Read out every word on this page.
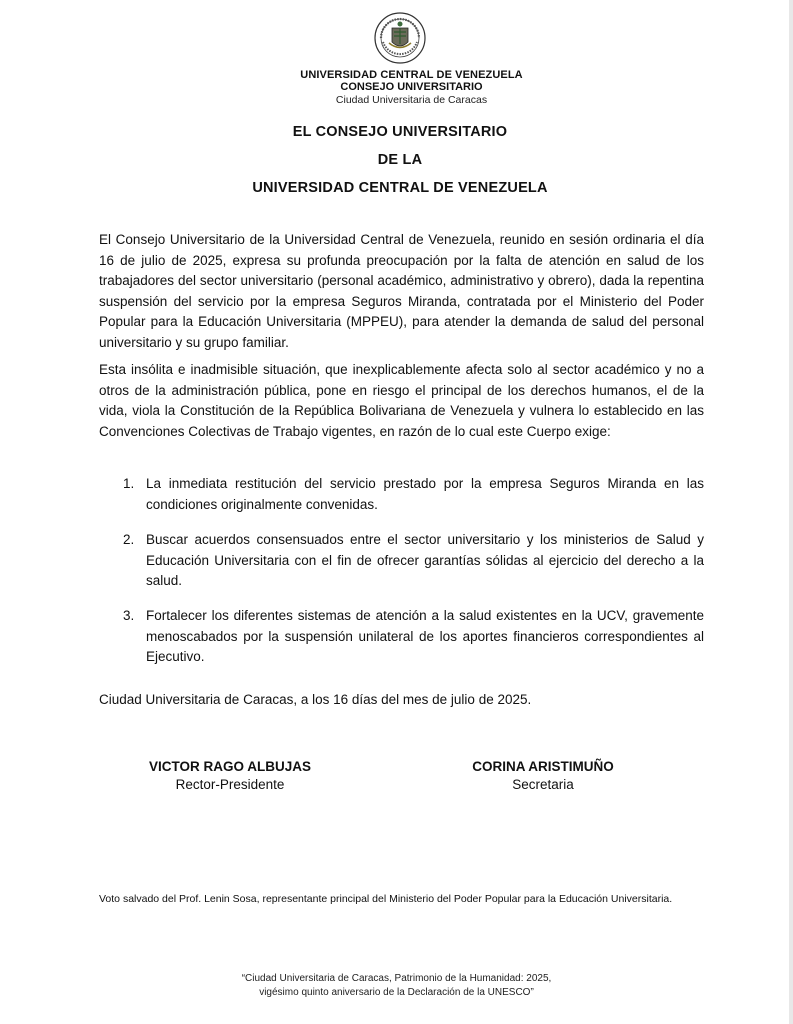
UNIVERSIDAD CENTRAL DE VENEZUELA
CONSEJO UNIVERSITARIO
Ciudad Universitaria de Caracas
EL CONSEJO UNIVERSITARIO
DE LA
UNIVERSIDAD CENTRAL DE VENEZUELA

El Consejo Universitario de la Universidad Central de Venezuela, reunido en sesión ordinaria el día 16 de julio de 2025, expresa su profunda preocupación por la falta de atención en salud de los trabajadores del sector universitario (personal académico, administrativo y obrero), dada la repentina suspensión del servicio por la empresa Seguros Miranda, contratada por el Ministerio del Poder Popular para la Educación Universitaria (MPPEU), para atender la demanda de salud del personal universitario y su grupo familiar.

Esta insólita e inadmisible situación, que inexplicablemente afecta solo al sector académico y no a otros de la administración pública, pone en riesgo el principal de los derechos humanos, el de la vida, viola la Constitución de la República Bolivariana de Venezuela y vulnera lo establecido en las Convenciones Colectivas de Trabajo vigentes, en razón de lo cual este Cuerpo exige:

1. La inmediata restitución del servicio prestado por la empresa Seguros Miranda en las condiciones originalmente convenidas.
2. Buscar acuerdos consensuados entre el sector universitario y los ministerios de Salud y Educación Universitaria con el fin de ofrecer garantías sólidas al ejercicio del derecho a la salud.
3. Fortalecer los diferentes sistemas de atención a la salud existentes en la UCV, gravemente menoscabados por la suspensión unilateral de los aportes financieros correspondientes al Ejecutivo.
Ciudad Universitaria de Caracas, a los 16 días del mes de julio de 2025.
VICTOR RAGO ALBUJAS
Rector-Presidente
CORINA ARISTIMUÑO
Secretaria
Voto salvado del Prof. Lenin Sosa, representante principal del Ministerio del Poder Popular para la Educación Universitaria.
“Ciudad Universitaria de Caracas, Patrimonio de la Humanidad: 2025,
vigésimo quinto aniversario de la Declaración de la UNESCO”
